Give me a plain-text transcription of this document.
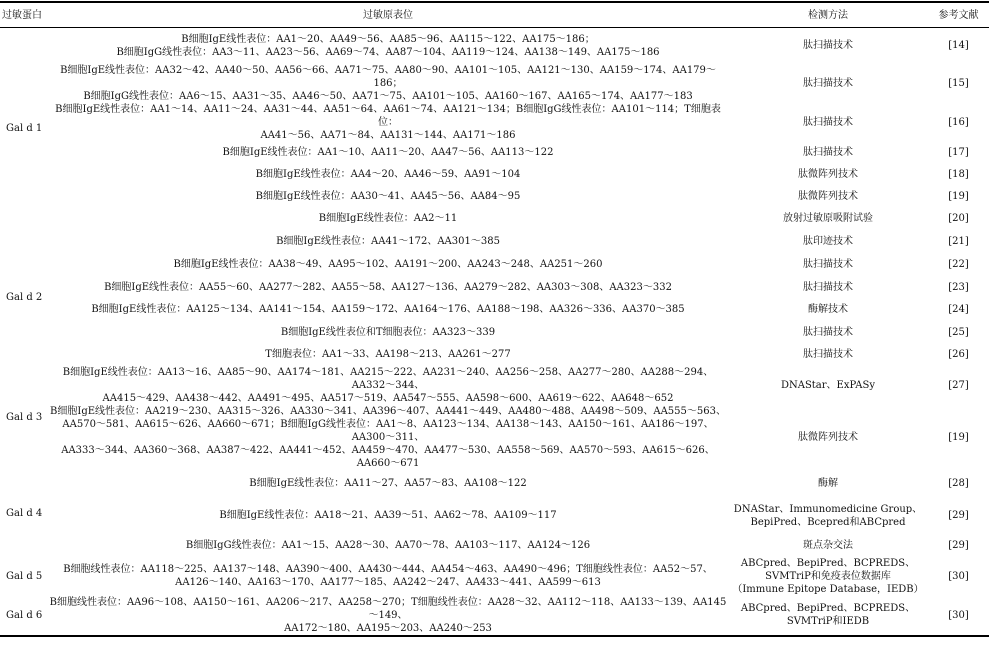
过敏蛋白	过敏原表位	检测方法	参考文献
Gal d 1	B细胞IgE线性表位：AA1～20、AA49～56、AA85～96、AA115～122、AA175～186；
B细胞IgG线性表位：AA3～11、AA23～56、AA69～74、AA87～104、AA119～124、AA138～149、AA175～186	肽扫描技术	[14]
	B细胞IgE线性表位：AA32～42、AA40～50、AA56～66、AA71～75、AA80～90、AA101～105、AA121～130、AA159～174、AA179～186；
B细胞IgG线性表位：AA6～15、AA31～35、AA46～50、AA71～75、AA101～105、AA160～167、AA165～174、AA177～183	肽扫描技术	[15]
	B细胞IgE线性表位：AA1～14、AA11～24、AA31～44、AA51～64、AA61～74、AA121～134；B细胞IgG线性表位：AA101～114；T细胞表位：
AA41～56、AA71～84、AA131～144、AA171～186	肽扫描技术	[16]
	B细胞IgE线性表位：AA1～10、AA11～20、AA47～56、AA113～122	肽扫描技术	[17]
	B细胞IgE线性表位：AA4～20、AA46～59、AA91～104	肽微阵列技术	[18]
	B细胞IgE线性表位：AA30～41、AA45～56、AA84～95	肽微阵列技术	[19]
	B细胞IgE线性表位：AA2～11	放射过敏原吸附试验	[20]
Gal d 2	B细胞IgE线性表位：AA41～172、AA301～385	肽印迹技术	[21]
	B细胞IgE线性表位：AA38～49、AA95～102、AA191～200、AA243～248、AA251～260	肽扫描技术	[22]
	B细胞IgE线性表位：AA55～60、AA277～282、AA55～58、AA127～136、AA279～282、AA303～308、AA323～332	肽扫描技术	[23]
	B细胞IgE线性表位：AA125～134、AA141～154、AA159～172、AA164～176、AA188～198、AA326～336、AA370～385	酶解技术	[24]
	B细胞IgE线性表位和T细胞表位：AA323～339	肽扫描技术	[25]
	T细胞表位：AA1～33、AA198～213、AA261～277	肽扫描技术	[26]
Gal d 3	B细胞IgE线性表位：AA13～16、AA85～90、AA174～181、AA215～222、AA231～240、AA256～258、AA277～280、AA288～294、AA332～344、
AA415～429、AA438～442、AA491～495、AA517～519、AA547～555、AA598～600、AA619～622、AA648～652	DNAStar、ExPASy	[27]
	B细胞IgE线性表位：AA219～230、AA315～326、AA330～341、AA396～407、AA441～449、AA480～488、AA498～509、AA555～563、
AA570～581、AA615～626、AA660～671；B细胞IgG线性表位：AA1～8、AA123～134、AA138～143、AA150～161、AA186～197、AA300～311、
AA333～344、AA360～368、AA387～422、AA441～452、AA459～470、AA477～530、AA558～569、AA570～593、AA615～626、AA660～671	肽微阵列技术	[19]
Gal d 4	B细胞IgE线性表位：AA11～27、AA57～83、AA108～122	酶解	[28]
	B细胞IgE线性表位：AA18～21、AA39～51、AA62～78、AA109～117	DNAStar、Immunomedicine Group、
BepiPred、Bcepred和ABCpred	[29]
	B细胞IgG线性表位：AA1～15、AA28～30、AA70～78、AA103～117、AA124～126	斑点杂交法	[29]
Gal d 5	B细胞线性表位：AA118～225、AA137～148、AA390～400、AA430～444、AA454～463、AA490～496；T细胞线性表位：AA52～57、
AA126～140、AA163～170、AA177～185、AA242～247、AA433～441、AA599～613	ABCpred、BepiPred、BCPREDS、
SVMTriP和免疫表位数据库
（Immune Epitope Database，IEDB）	[30]
Gal d 6	B细胞线性表位：AA96～108、AA150～161、AA206～217、AA258～270；T细胞线性表位：AA28～32、AA112～118、AA133～139、AA145～149、
AA172～180、AA195～203、AA240～253	ABCpred、BepiPred、BCPREDS、
SVMTriP和IEDB	[30]
